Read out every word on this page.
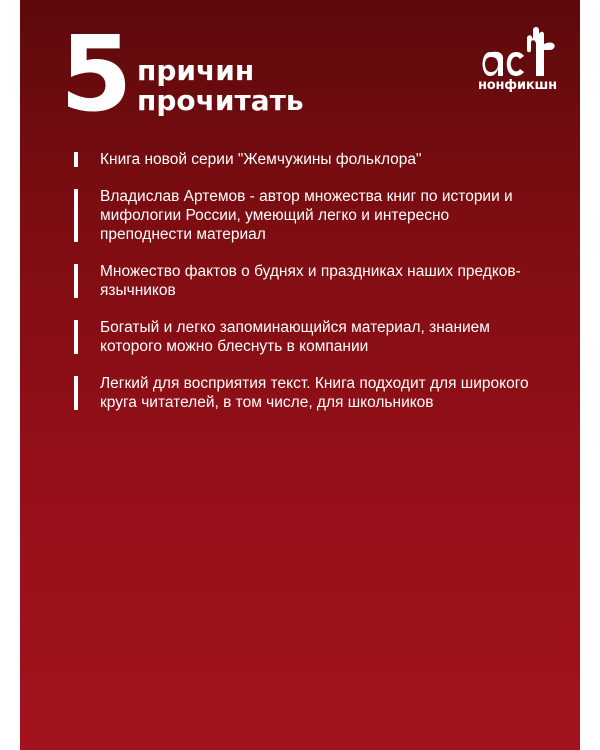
5 причин
прочитать	нонфикшн
Книга новой серии "Жемчужины фольклора"
Владислав Артемов - автор множества книг по истории и мифологии России, умеющий легко и интересно преподнести материал
Множество фактов о буднях и праздниках наших предков-язычников
Богатый и легко запоминающийся материал, знанием которого можно блеснуть в компании
Легкий для восприятия текст. Книга подходит для широкого круга читателей, в том числе, для школьников
